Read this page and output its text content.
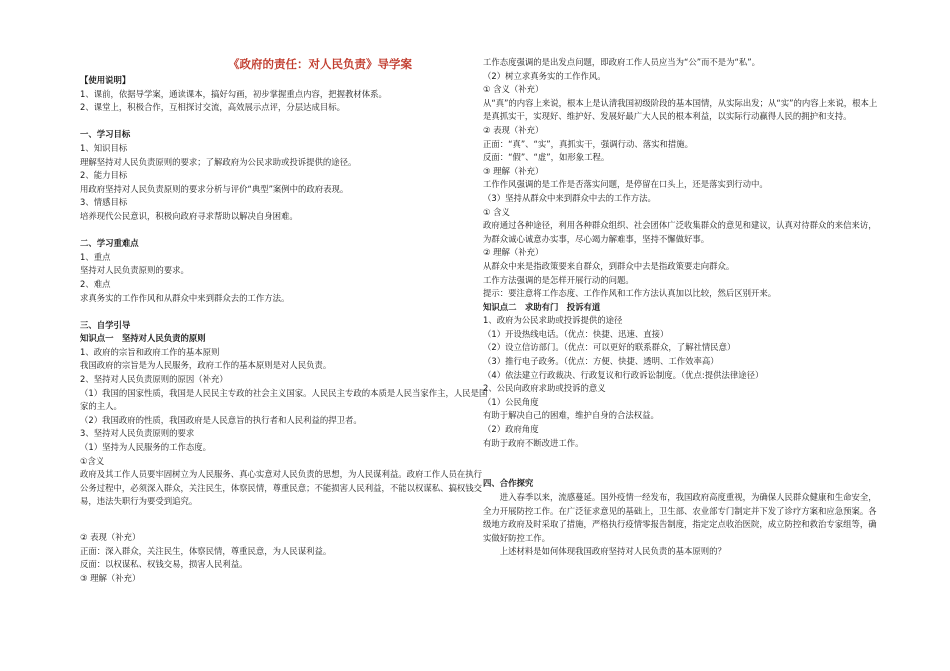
《政府的责任：对人民负责》导学案
【使用说明】
1、课前，依据导学案，通读课本，搞好勾画，初步掌握重点内容，把握教材体系。
2、课堂上，积极合作，互相探讨交流，高效展示点评，分层达成目标。
一、学习目标
1、知识目标
理解坚持对人民负责原则的要求；了解政府为公民求助或投诉提供的途径。
2、能力目标
用政府坚持对人民负责原则的要求分析与评价“典型”案例中的政府表现。
3、情感目标
培养现代公民意识，积极向政府寻求帮助以解决自身困难。
二、学习重难点
1、重点
坚持对人民负责原则的要求。
2、难点
求真务实的工作作风和从群众中来到群众去的工作方法。
三、自学引导
知识点一　坚持对人民负责的原则
1、政府的宗旨和政府工作的基本原则
我国政府的宗旨是为人民服务，政府工作的基本原则是对人民负责。
2、坚持对人民负责原则的原因（补充）
（1）我国的国家性质，我国是人民民主专政的社会主义国家。人民民主专政的本质是人民当家作主，人民是国家的主人。
（2）我国政府的性质，我国政府是人民意旨的执行者和人民利益的捍卫者。
3、坚持对人民负责原则的要求
（1）坚持为人民服务的工作态度。
①含义
政府及其工作人员要牢固树立为人民服务、真心实意对人民负责的思想，为人民谋利益。政府工作人员在执行公务过程中，必须深入群众，关注民生，体察民情，尊重民意；不能损害人民利益，不能以权谋私、搞权钱交易，违法失职行为要受到追究。
② 表现（补充）
正面：深入群众，关注民生，体察民情，尊重民意，为人民谋利益。
反面：以权谋私、权钱交易，损害人民利益。
③ 理解（补充）
工作态度强调的是出发点问题，即政府工作人员应当为“公”而不是为“私”。
（2）树立求真务实的工作作风。
① 含义（补充）
从“真”的内容上来说，根本上是认清我国初级阶段的基本国情，从实际出发；从“实”的内容上来说，根本上是真抓实干，实现好、维护好、发展好最广大人民的根本利益，以实际行动赢得人民的拥护和支持。
② 表现（补充）
正面：“真”、“实”，真抓实干，强调行动、落实和措施。
反面：“假”、“虚”，如形象工程。
③ 理解（补充）
工作作风强调的是工作是否落实问题，是停留在口头上，还是落实到行动中。
（3）坚持从群众中来到群众中去的工作方法。
① 含义
政府通过各种途径，利用各种群众组织、社会团体广泛收集群众的意见和建议，认真对待群众的来信来访，为群众诚心诚意办实事，尽心竭力解难事，坚持不懈做好事。
② 理解（补充）
从群众中来是指政策要来自群众，到群众中去是指政策要走向群众。
工作方法强调的是怎样开展行动的问题。
提示：要注意将工作态度、工作作风和工作方法认真加以比较，然后区别开来。
知识点二　求助有门　投诉有道
1、政府为公民求助或投诉提供的途径
（1）开设热线电话。（优点：快捷、迅速、直接）
（2）设立信访部门。（优点：可以更好的联系群众，了解社情民意）
（3）推行电子政务。（优点：方便、快捷、透明、工作效率高）
（4）依法建立行政裁决、行政复议和行政诉讼制度。（优点:提供法律途径）
2、公民向政府求助或投诉的意义
（1）公民角度
有助于解决自己的困难，维护自身的合法权益。
（2）政府角度
有助于政府不断改进工作。
四、合作探究
进入春季以来，流感蔓延。国外疫情一经发布，我国政府高度重视，为确保人民群众健康和生命安全，全力开展防控工作。在广泛征求意见的基础上，卫生部、农业部专门制定并下发了诊疗方案和应急预案。各级地方政府及时采取了措施，严格执行疫情零报告制度，指定定点收治医院，成立防控和救治专家组等，确实做好防控工作。
上述材料是如何体现我国政府坚持对人民负责的基本原则的？
